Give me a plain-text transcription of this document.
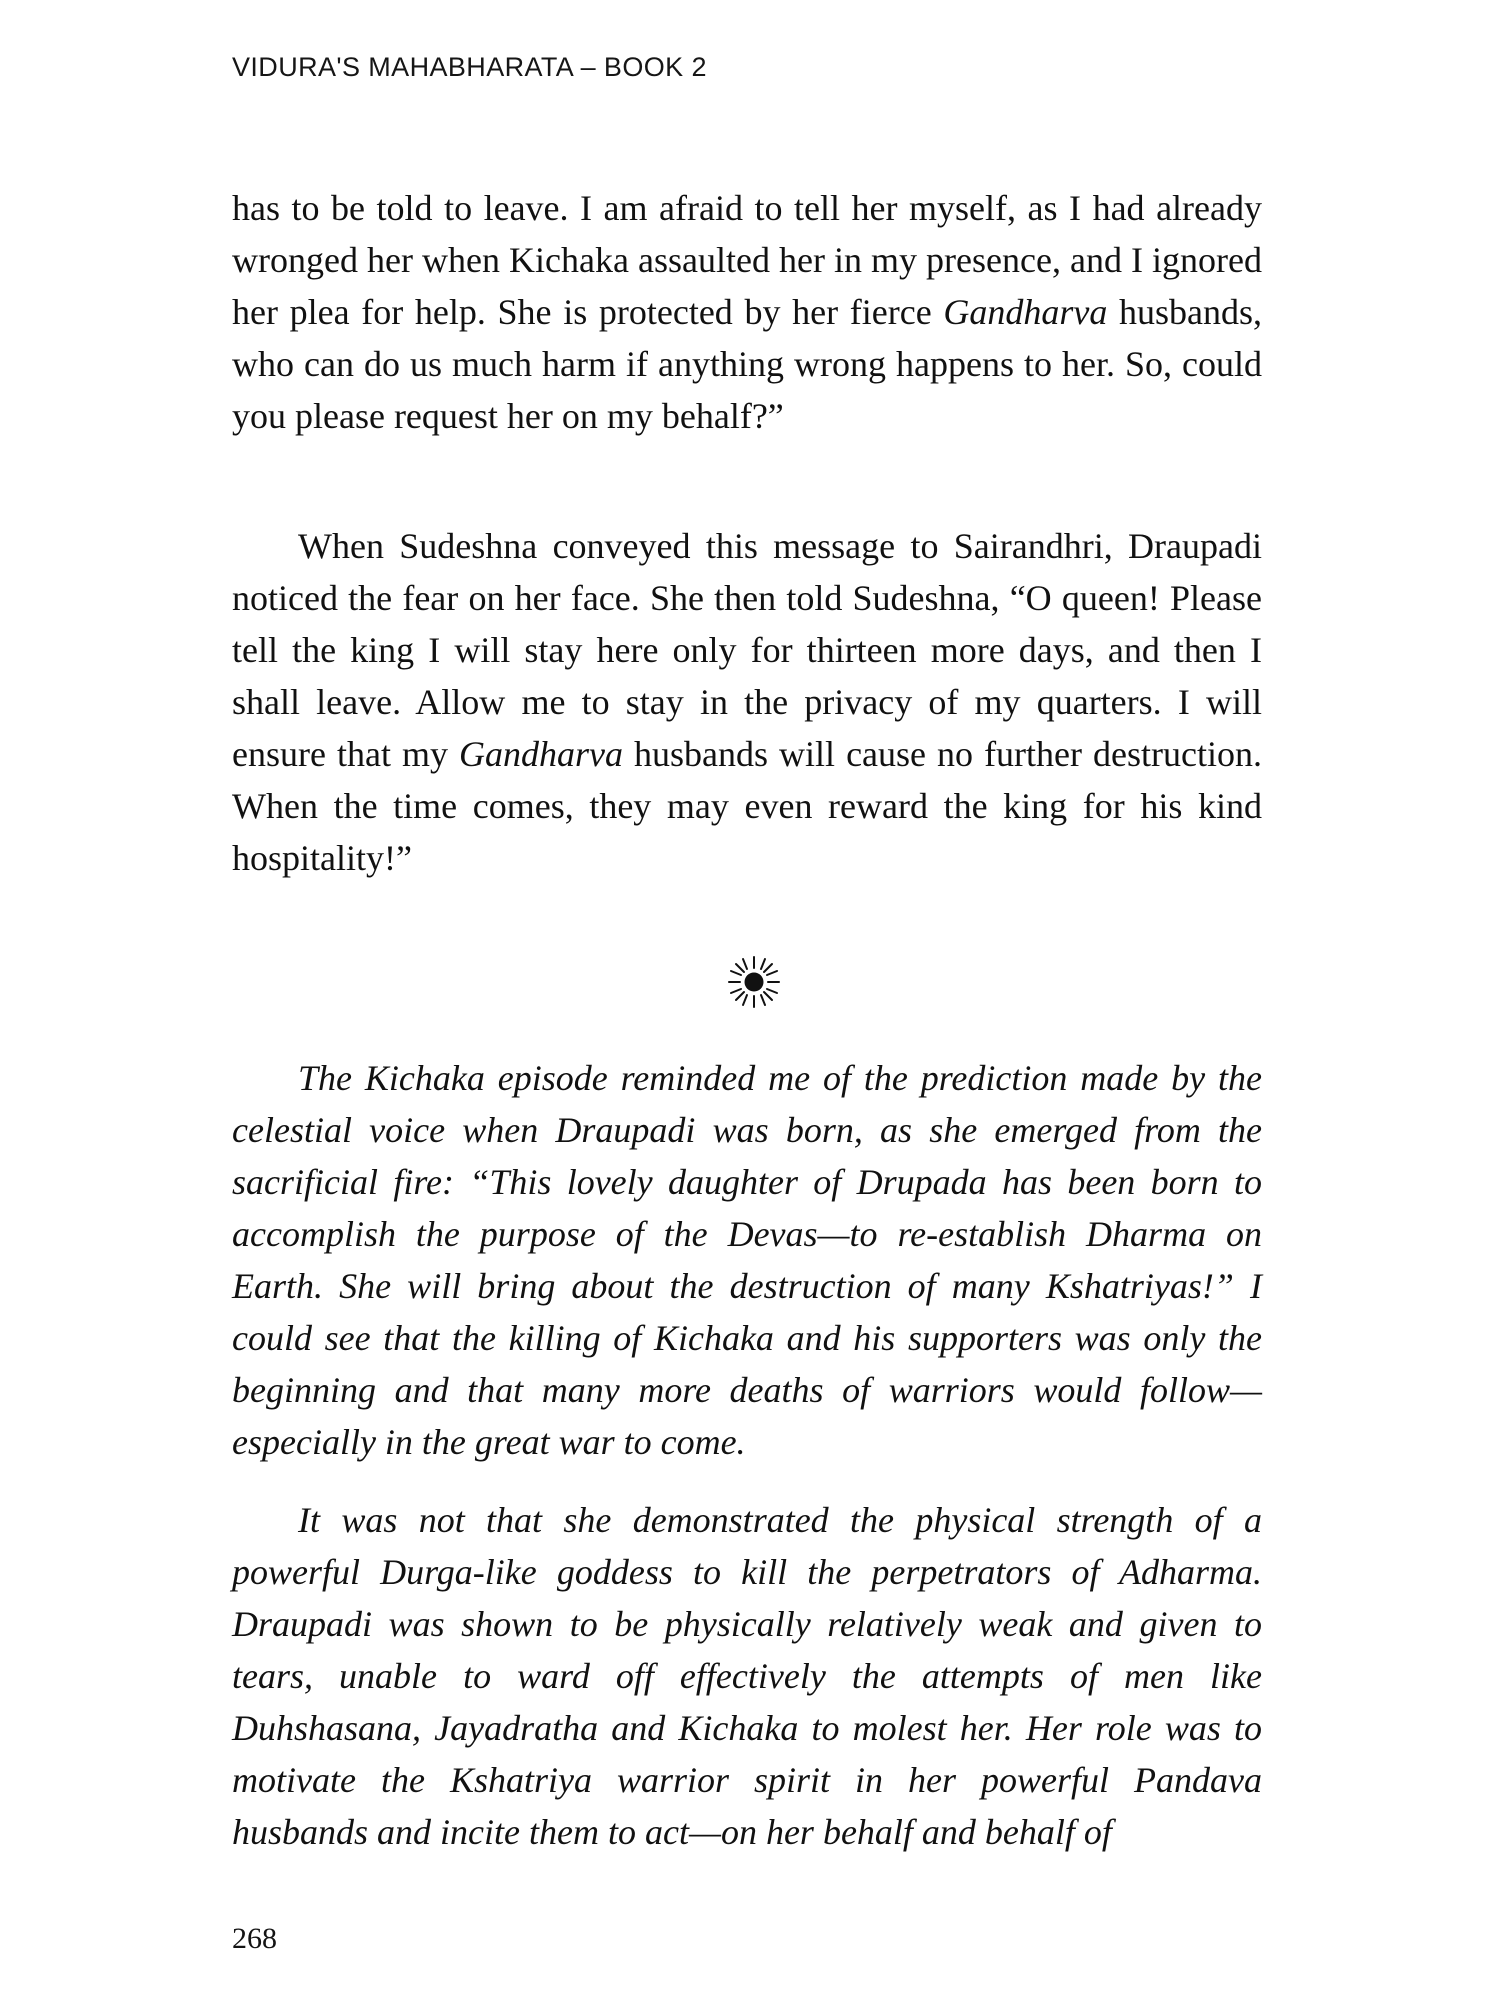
VIDURA'S MAHABHARATA – BOOK 2

has to be told to leave. I am afraid to tell her myself, as I had already wronged her when Kichaka assaulted her in my presence, and I ignored her plea for help. She is protected by her fierce Gandharva husbands, who can do us much harm if anything wrong happens to her. So, could you please request her on my behalf?”

When Sudeshna conveyed this message to Sairandhri, Draupadi noticed the fear on her face. She then told Sudeshna, “O queen! Please tell the king I will stay here only for thirteen more days, and then I shall leave. Allow me to stay in the privacy of my quarters. I will ensure that my Gandharva husbands will cause no further destruction. When the time comes, they may even reward the king for his kind hospitality!”

The Kichaka episode reminded me of the prediction made by the celestial voice when Draupadi was born, as she emerged from the sacrificial fire: “This lovely daughter of Drupada has been born to accomplish the purpose of the Devas—to re-establish Dharma on Earth. She will bring about the destruction of many Kshatriyas!” I could see that the killing of Kichaka and his supporters was only the beginning and that many more deaths of warriors would follow—especially in the great war to come.

It was not that she demonstrated the physical strength of a powerful Durga-like goddess to kill the perpetrators of Adharma. Draupadi was shown to be physically relatively weak and given to tears, unable to ward off effectively the attempts of men like Duhshasana, Jayadratha and Kichaka to molest her. Her role was to motivate the Kshatriya warrior spirit in her powerful Pandava husbands and incite them to act—on her behalf and behalf of

268
